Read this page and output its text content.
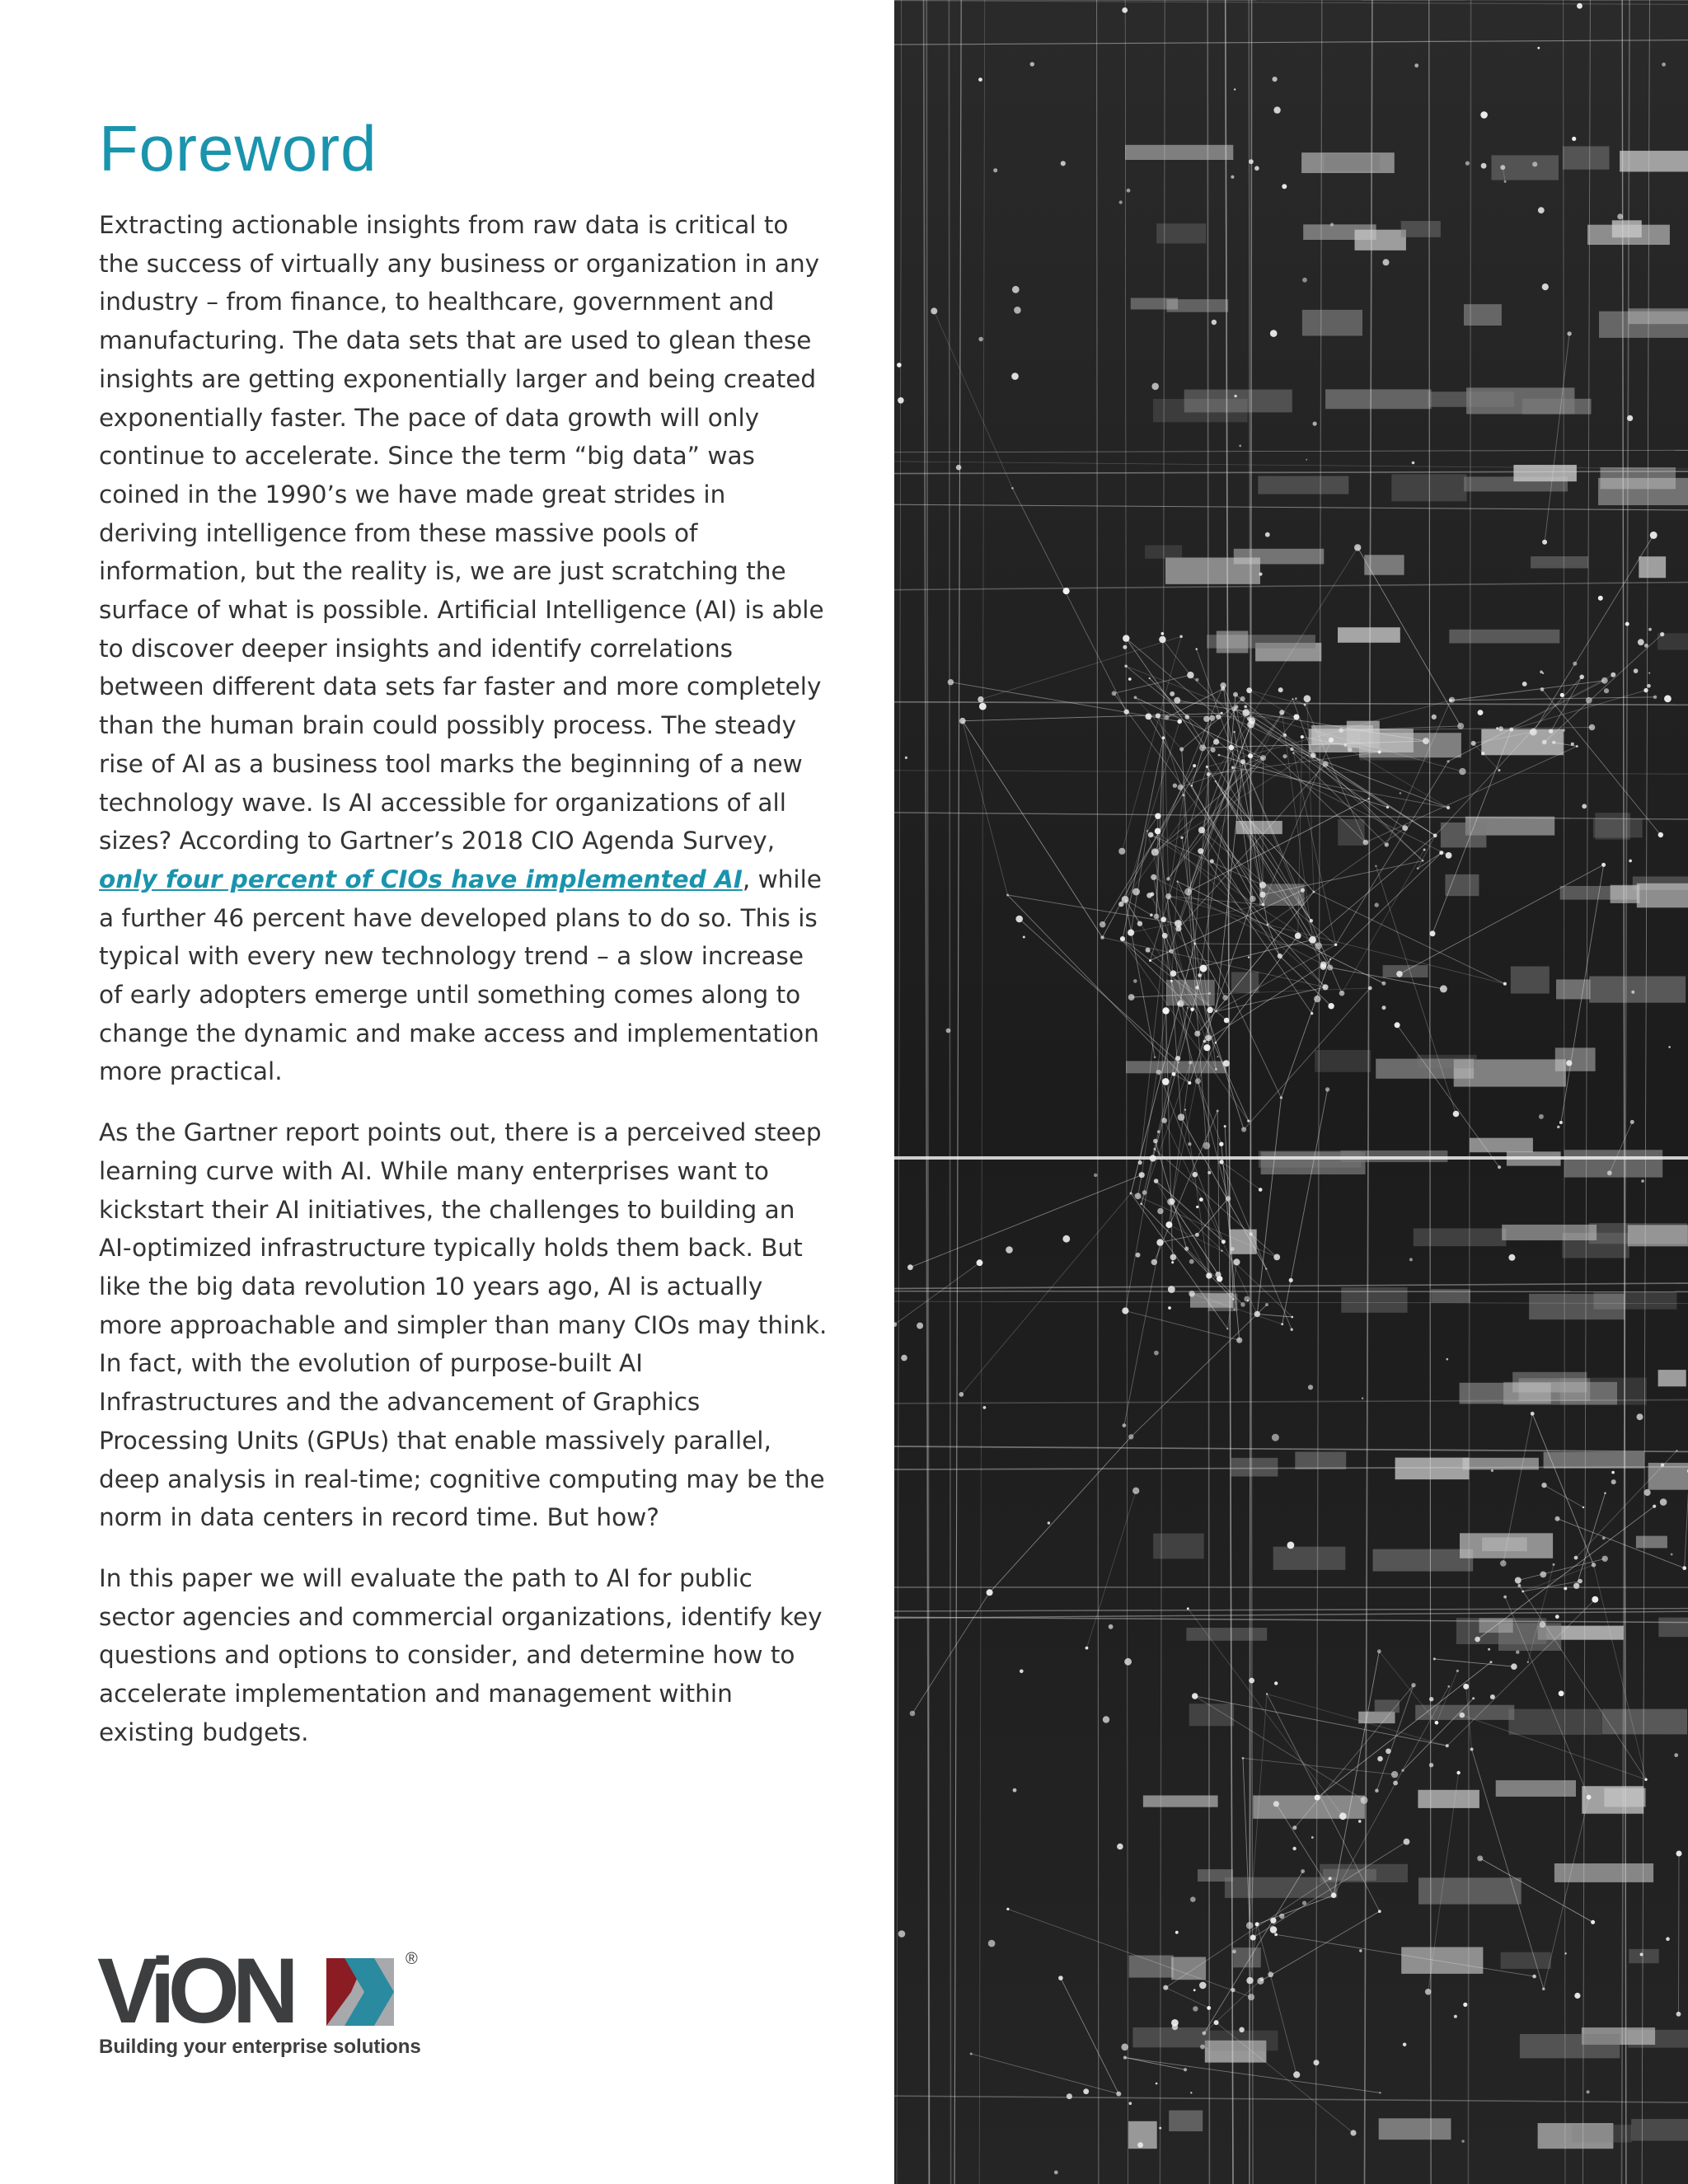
Foreword

Extracting actionable insights from raw data is critical to the success of virtually any business or organization in any industry – from finance, to healthcare, government and manufacturing. The data sets that are used to glean these insights are getting exponentially larger and being created exponentially faster. The pace of data growth will only continue to accelerate. Since the term “big data” was coined in the 1990’s we have made great strides in deriving intelligence from these massive pools of information, but the reality is, we are just scratching the surface of what is possible. Artificial Intelligence (AI) is able to discover deeper insights and identify correlations between different data sets far faster and more completely than the human brain could possibly process. The steady rise of AI as a business tool marks the beginning of a new technology wave. Is AI accessible for organizations of all sizes? According to Gartner’s 2018 CIO Agenda Survey, only four percent of CIOs have implemented AI, while a further 46 percent have developed plans to do so. This is typical with every new technology trend – a slow increase of early adopters emerge until something comes along to change the dynamic and make access and implementation more practical.

As the Gartner report points out, there is a perceived steep learning curve with AI. While many enterprises want to kickstart their AI initiatives, the challenges to building an AI-optimized infrastructure typically holds them back. But like the big data revolution 10 years ago, AI is actually more approachable and simpler than many CIOs may think. In fact, with the evolution of purpose-built AI Infrastructures and the advancement of Graphics Processing Units (GPUs) that enable massively parallel, deep analysis in real-time; cognitive computing may be the norm in data centers in record time. But how?

In this paper we will evaluate the path to AI for public sector agencies and commercial organizations, identify key questions and options to consider, and determine how to accelerate implementation and management within existing budgets.

ViON	®
Building your enterprise solutions
